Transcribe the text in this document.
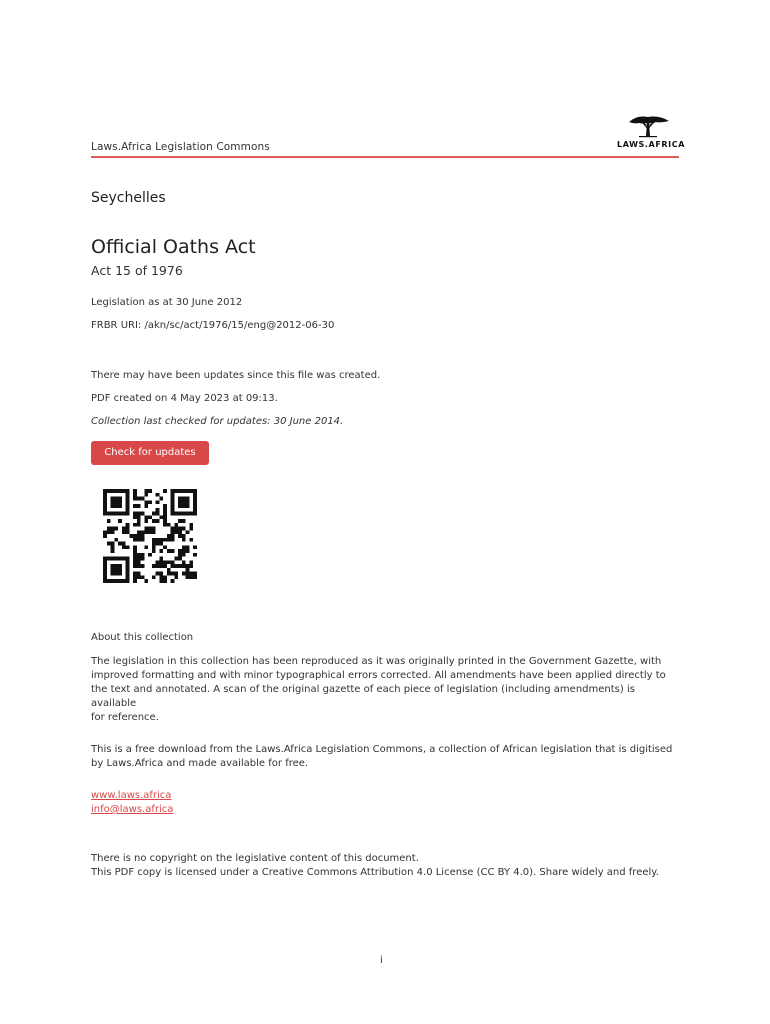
Laws.Africa Legislation Commons	LAWS.AFRICA
Seychelles
Official Oaths Act
Act 15 of 1976
Legislation as at 30 June 2012
FRBR URI: /akn/sc/act/1976/15/eng@2012-06-30
There may have been updates since this file was created.
PDF created on 4 May 2023 at 09:13.
Collection last checked for updates: 30 June 2014.
Check for updates
About this collection
The legislation in this collection has been reproduced as it was originally printed in the Government Gazette, with
improved formatting and with minor typographical errors corrected. All amendments have been applied directly to
the text and annotated. A scan of the original gazette of each piece of legislation (including amendments) is available
for reference.
This is a free download from the Laws.Africa Legislation Commons, a collection of African legislation that is digitised
by Laws.Africa and made available for free.
www.laws.africa
info@laws.africa
There is no copyright on the legislative content of this document.
This PDF copy is licensed under a Creative Commons Attribution 4.0 License (CC BY 4.0). Share widely and freely.
i
